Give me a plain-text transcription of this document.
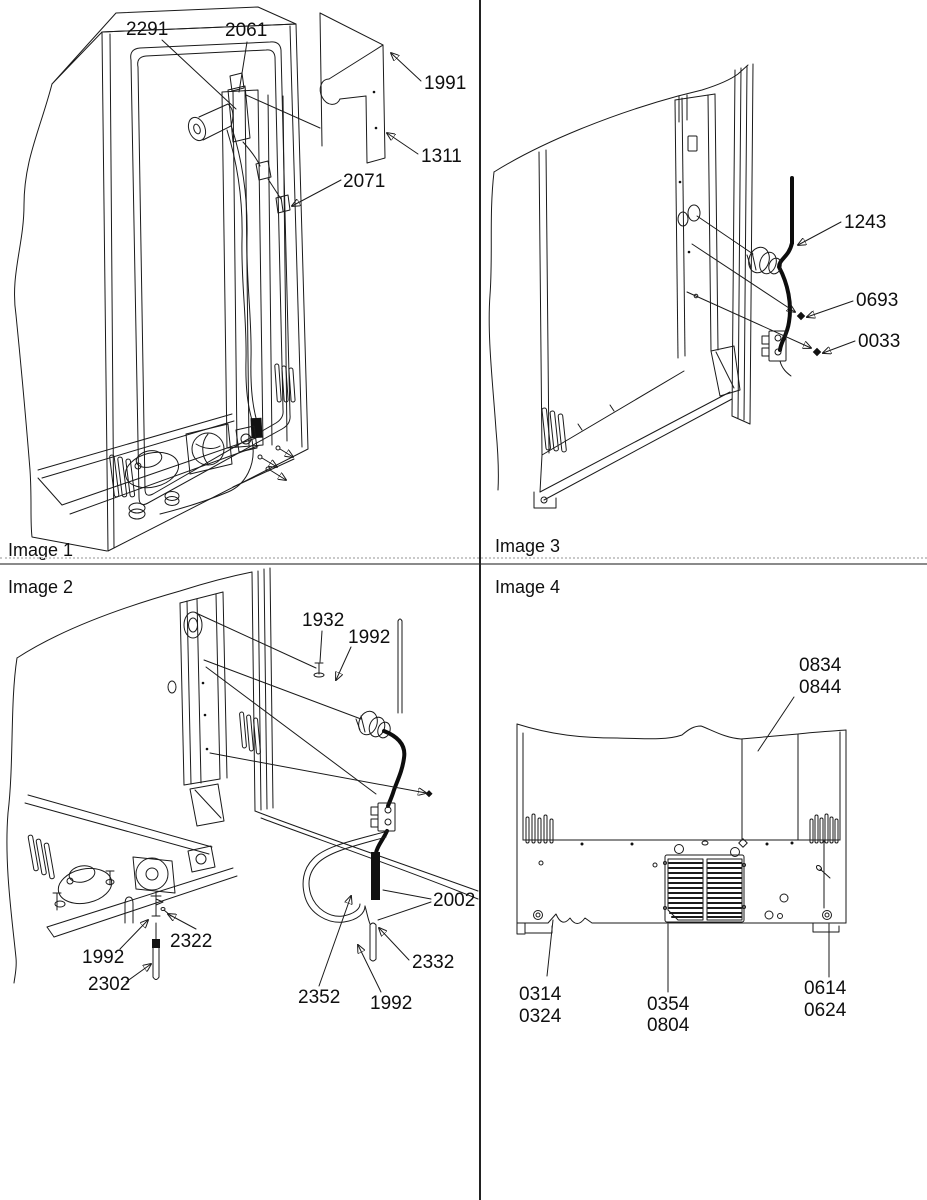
2291	2061
1991
1311
2071
Image 1
1243
0693
0033
Image 3
1932
1992
2002
2322
1992
2302
2352 1992
2332
Image 2
0834
0844
0314
0324
0354
0804
0614
0624
Image 4
